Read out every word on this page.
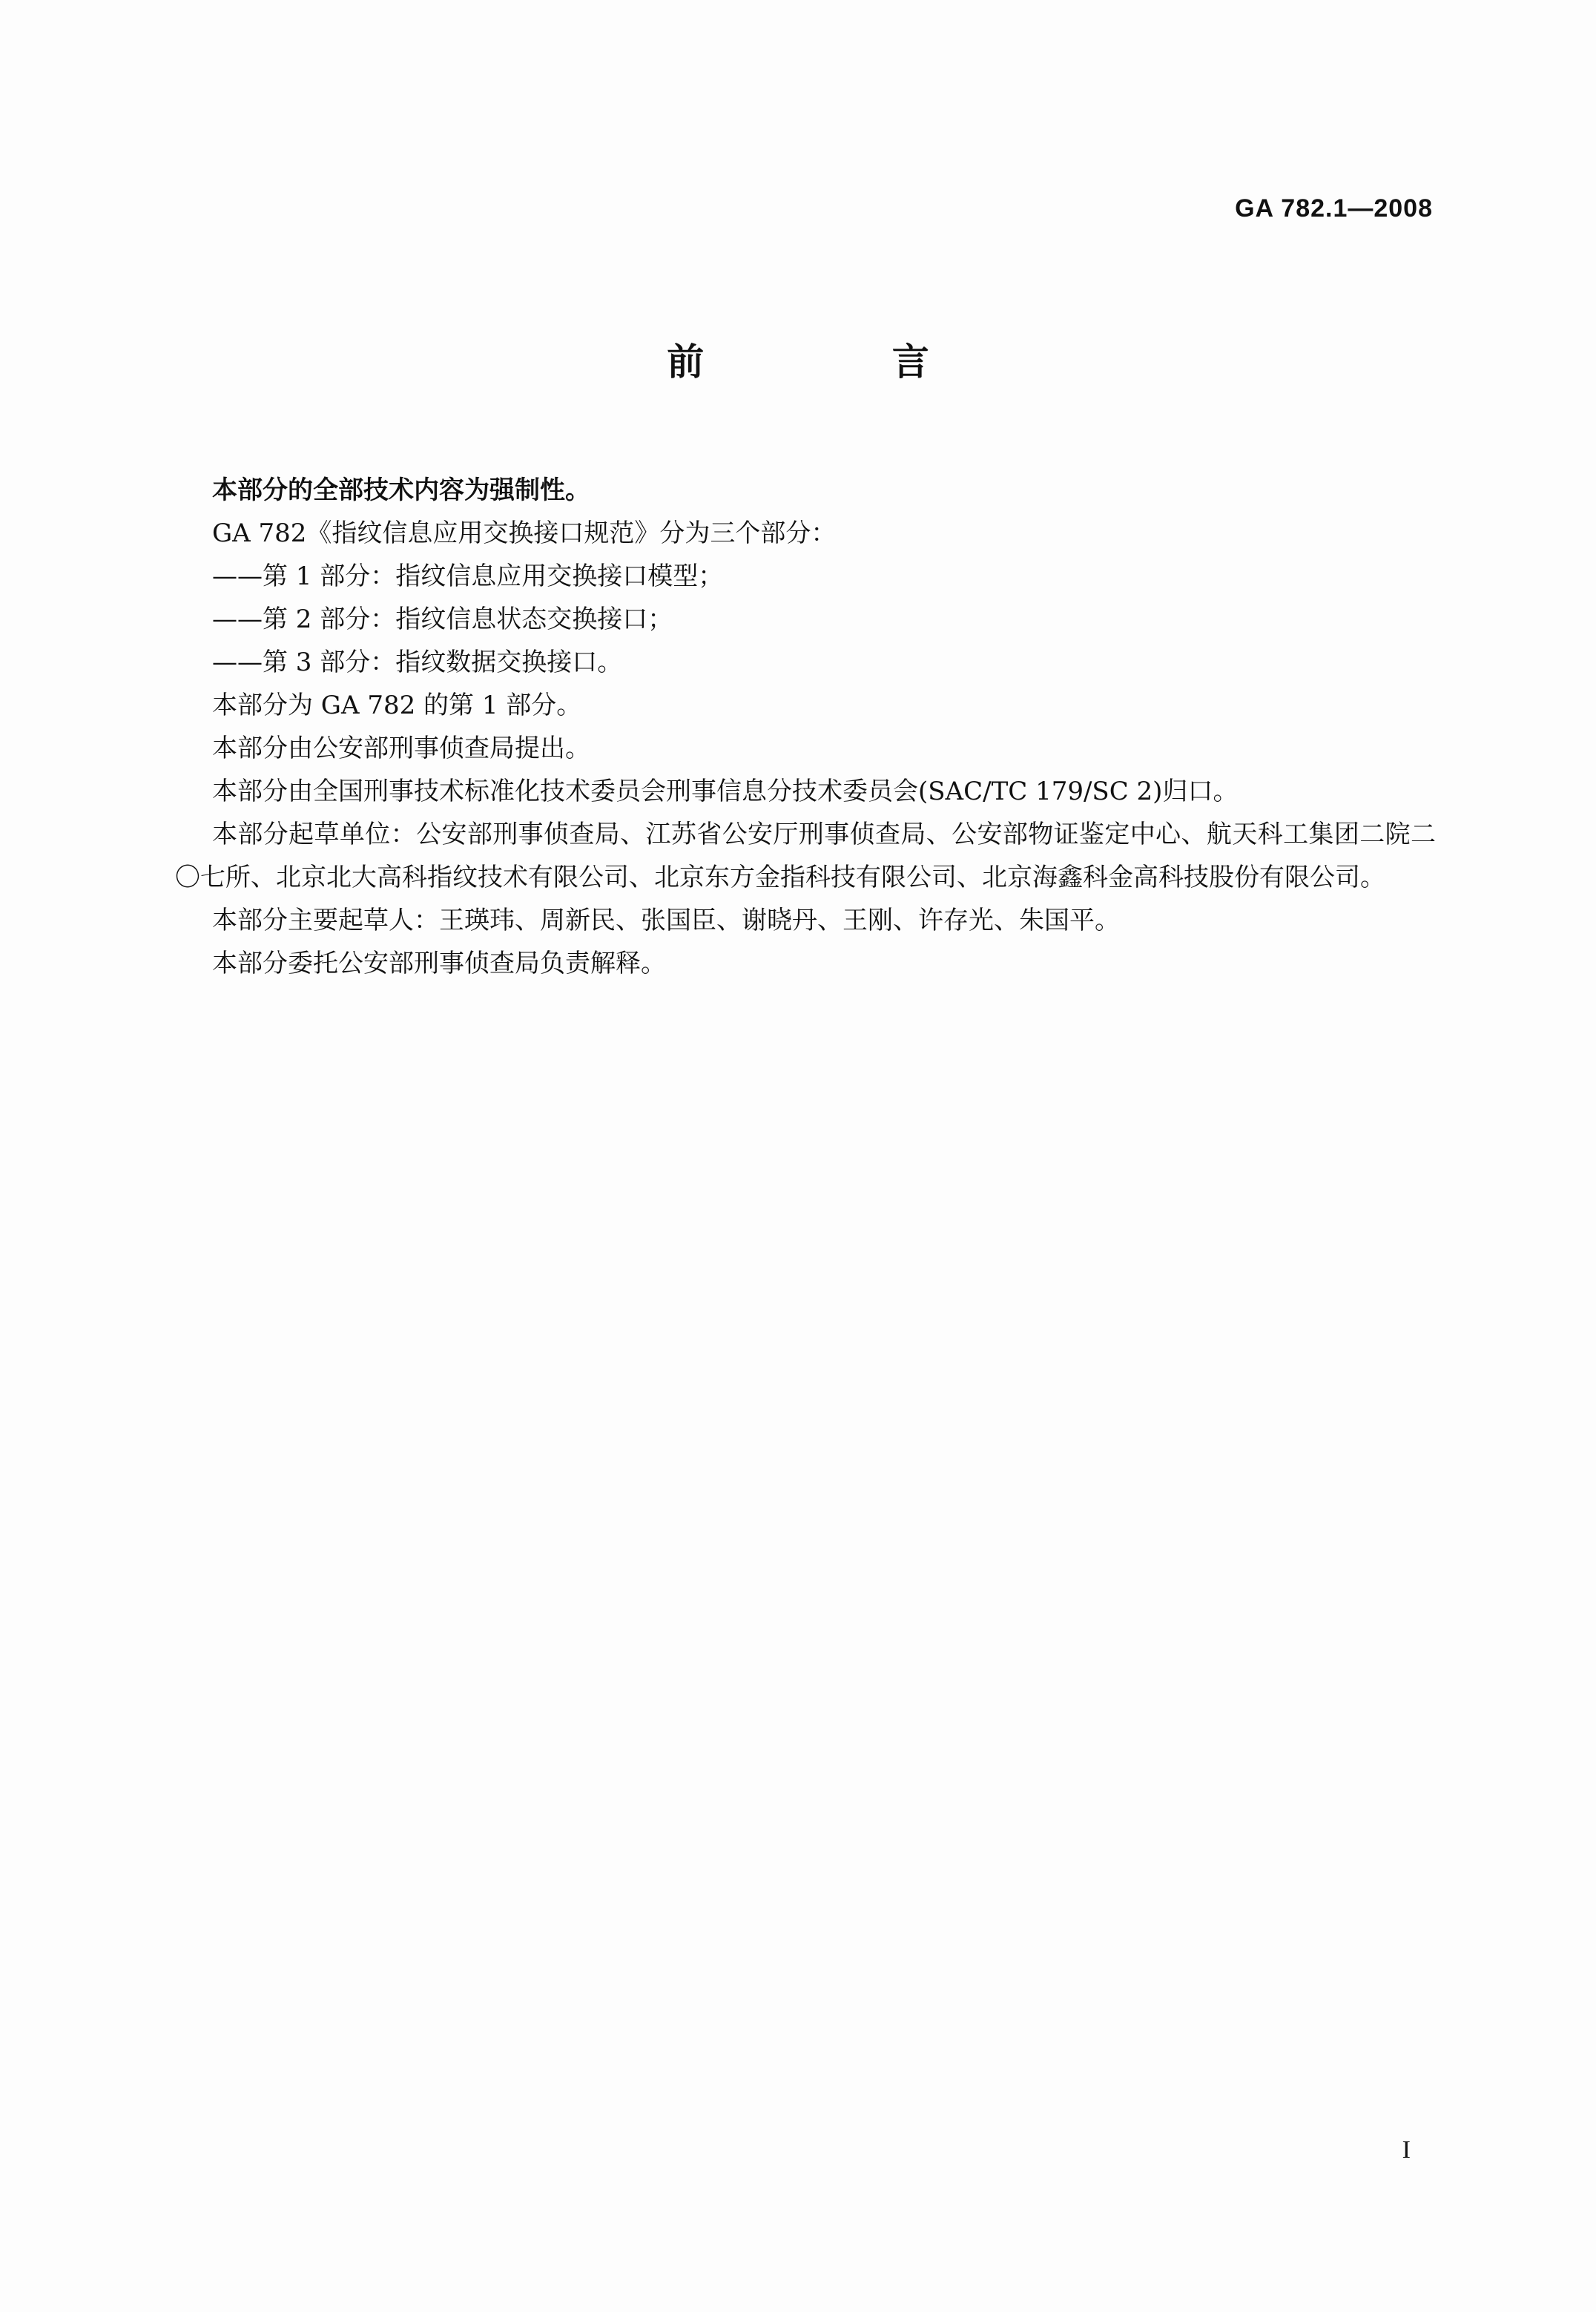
GA 782.1—2008
前 言

本部分的全部技术内容为强制性。

GA 782《指纹信息应用交换接口规范》分为三个部分：

——第 1 部分：指纹信息应用交换接口模型；

——第 2 部分：指纹信息状态交换接口；

——第 3 部分：指纹数据交换接口。

本部分为 GA 782 的第 1 部分。

本部分由公安部刑事侦查局提出。

本部分由全国刑事技术标准化技术委员会刑事信息分技术委员会(SAC/TC 179/SC 2)归口。

本部分起草单位：公安部刑事侦查局、江苏省公安厅刑事侦查局、公安部物证鉴定中心、航天科工集团二院二〇七所、北京北大高科指纹技术有限公司、北京东方金指科技有限公司、北京海鑫科金高科技股份有限公司。

本部分主要起草人：王瑛玮、周新民、张国臣、谢晓丹、王刚、许存光、朱国平。

本部分委托公安部刑事侦查局负责解释。

I
